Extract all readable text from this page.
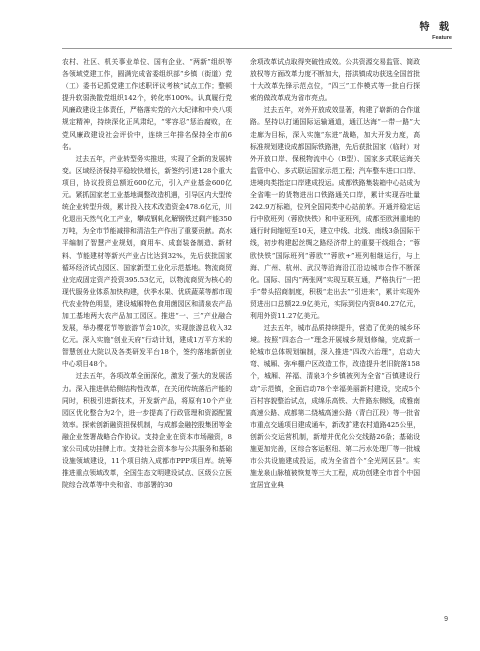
特 载
Feature

农村、社区、机关事业单位、国有企业、“两新”组织等各领域党建工作，圆满完成省委组织部“乡镇（街道）党（工）委书记抓党建工作述职评议考核”试点工作；整顿提升软弱涣散党组织142个，转化率100%。认真履行党风廉政建设主体责任，严格落实党的六大纪律和中央八项规定精神，持续深化正风肃纪，“零容忍”惩治腐败，在党风廉政建设社会评价中，连续三年排名保持全市前6名。

过去五年，产业转型务实推进，实现了全新的发展转变。区域经济保持平稳较快增长，新签约引进128个重大项目，协议投资总额近600亿元，引入产业基金600亿元。紧抓国家老工业基地调整改造机遇，引导区内大型传统企业转型升级，累计投入技术改造资金478.6亿元，川化退出天然气化工产业，攀成钢轧化解钢铁过剩产能350万吨，为全市节能减排和清洁生产作出了重要贡献。高水平编制了智慧产业规划，商用车、成套装备制造、新材料、节能建材等新兴产业占比达到32%，先后获批国家循环经济试点园区、国家新型工业化示范基地。物流商贸业完成固定资产投资395.53亿元，以物流商贸为核心的现代服务业体系加快构建，伏季水果、优质蔬菜等都市现代农业特色明显，建设城厢特色食用菌园区和清泉农产品加工基地两大农产品加工园区。推进“一、三”产业融合发展，举办樱花节等旅游节会10次，实现旅游总收入32亿元。深入实施“创业天府”行动计划，建成1万平方米的智慧创业大院以及各类研发平台18个，签约落地新创业中心项目48个。

过去五年，各项改革全面深化，激发了强大的发展活力。深入推进供给侧结构性改革，在关闭传统落后产能的同时，积极引进新技术，开发新产品，将原有10个产业园区优化整合为2个，进一步提高了行政管理和资源配置效率。探索创新融资担保机制，与成都金融控股集团等金融企业签署战略合作协议。支持企业在资本市场融资，8家公司成功挂牌上市。支持社会资本参与公共服务和基础设施领域建设，11个项目纳入成都市PPP项目库。统筹推进重点领域改革，全国生态文明建设试点、区级公立医院综合改革等中央和省、市部署的30

余项改革试点取得突破性成效。公共资源交易监管、简政放权等方面改革力度不断加大，搭洪镇成功获选全国首批十大改革先锋示范点位，“四三”工作模式等一批自行探索的做改革成为省市亮点。

过去五年，对外开放成效显著，构建了崭新的合作道路。坚持以打通国际运输通道，通江达海“一带一路”大走廊为目标，深入实施“东进”战略，加大开发力度，高标准规划建设成都国际铁路港，先后获批国家（临时）对外开放口岸、保税物流中心（B型）、国家多式联运海关监管中心、多式联运国家示范工程；汽车整车进口口岸、进境肉类指定口岸建成投运。成都铁路集装箱中心站成为全省唯一的货物进出口铁路通关口岸，累计实现吞吐量242.9万标箱，位列全国同类中心站前茅。开通并稳定运行中欧班列（蓉欧快铁）和中亚班列，成都至欧洲重地的通行时间缩短至10天，建立中线、北线、南线3条国际干线，初步构建起丝绸之路经济带上的重要干线组合；“蓉欧快铁”国际班列“蓉欧”“蓉欧+”班列相继运行，与上海、广州、杭州、武汉等沿海沿江沿边城市合作不断深化。国际、国内“两张网”实现互联互通，严格执行“一把手”带头招商制度，积极“走出去”“引进来”，累计实现外贸进出口总额22.9亿美元，实际到位内资840.27亿元，利用外资11.27亿美元。

过去五年，城市品质持续提升，营造了优美的城乡环境。按照“四态合一”理念开展城乡规划修编，完成新一轮城市总体规划编制，深入推进“四改六治理”，启动大弯、城厢、弥牟棚户区改造工作，改造提升老旧院落158个，城厢、祥福、清泉3个乡镇被列为全省“百镇建设行动”示范镇，全面启动78个幸福美丽新村建设，完成5个百村容貌整治试点，成绵乐高铁、大件路东侧线，成雅南高速公路、成都第二绕城高速公路（青白江段）等一批省市重点交通项目建成通车，新改扩建农村道路425公里，创新公交运营机制，新增并优化公交线路26条；基础设施更加完善，区综合客运枢纽、第二污水处理厂等一批城市公共设施建成投运，成为全省首个“全光网区县”。实施龙泉山脉植被恢复等三大工程，成功创建全市首个中国宜居宜业典

9
